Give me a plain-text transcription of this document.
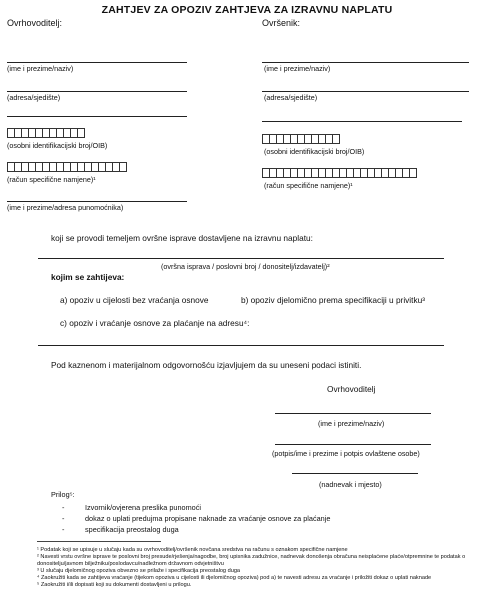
ZAHTJEV ZA OPOZIV ZAHTJEVA ZA IZRAVNU NAPLATU
Ovrhovoditelj:
(ime i prezime/naziv)
(adresa/sjedište)
(osobni identifikacijski broj/OIB)
(račun specifične namjene)¹
(ime i prezime/adresa punomoćnika)
Ovršenik:
(ime i prezime/naziv)
(adresa/sjedište)
(osobni identifikacijski broj/OIB)
(račun specifične namjene)¹
koji se provodi temeljem ovršne isprave dostavljene na izravnu naplatu:
(ovršna isprava / poslovni broj / donositelj/izdavatelj)²
kojim se zahtijeva:
a) opoziv u cijelosti bez vraćanja osnove	b) opoziv djelomično prema specifikaciji u privitku³
c) opoziv i vraćanje osnove za plaćanje na adresu⁴:
Pod kaznenom i materijalnom odgovornošću izjavljujem da su uneseni podaci istiniti.
Ovrhovoditelj
(ime i prezime/naziv)
(potpis/ime i prezime i potpis ovlaštene osobe)
(nadnevak i mjesto)
Prilog⁵:
-	Izvornik/ovjerena preslika punomoći
-	dokaz o uplati predujma propisane naknade za vraćanje osnove za plaćanje
-	specifikacija preostalog duga
¹ Podatak koji se upisuje u slučaju kada su ovrhovoditelj/ovršenik novčana sredstva na računu s oznakom specifične namjene
² Navesti vrstu ovršne isprave te poslovni broj presude/rješenja/nagodbe, broj upisnika zadužnice, nadnevak donošenja obračuna neisplaćene plaće/otpremnine te podatak o donositelju/javnom bilježniku/poslodavcu/nadležnom državnom odvjetništvu
³ U slučaju djelomičnog opoziva obvezno se prilaže i specifikacija preostalog duga
⁴ Zaokružiti kada se zahtijeva vraćanje (tijekom opoziva u cijelosti ili djelomičnog opoziva) pod a) te navesti adresu za vraćanje i priložiti dokaz o uplati naknade
⁵ Zaokružiti i/ili dopisati koji su dokumenti dostavljeni u prilogu.
